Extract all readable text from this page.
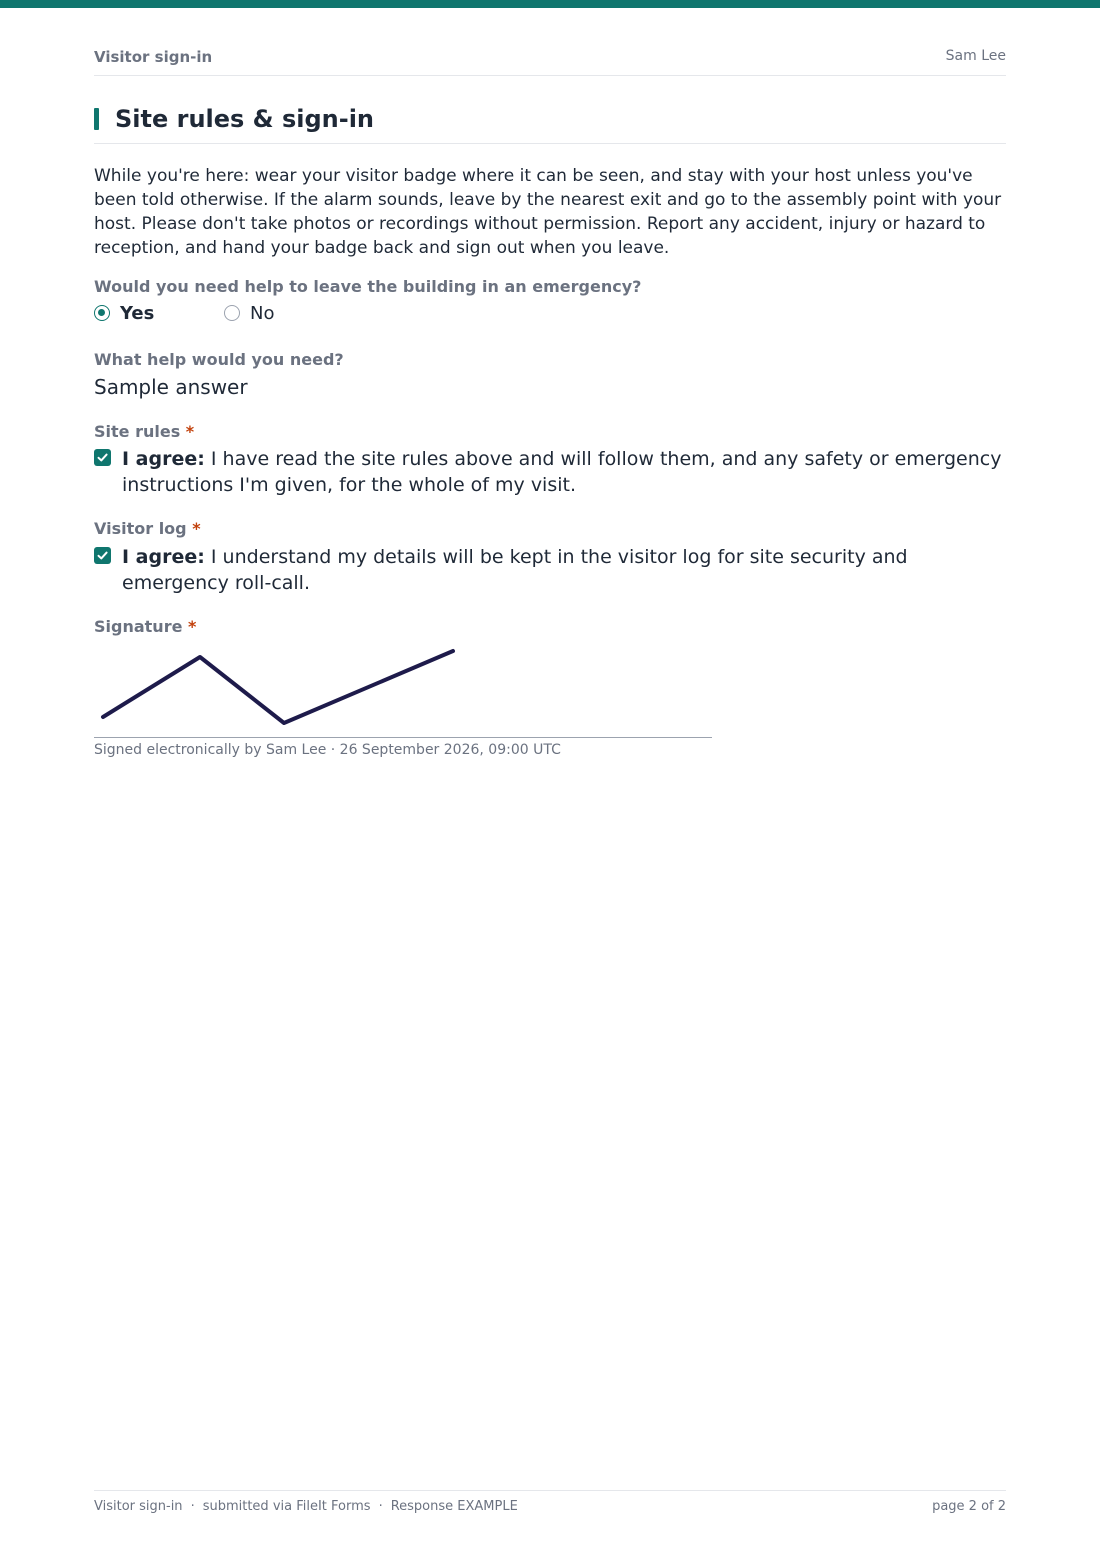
Visitor sign-in	Sam Lee
Site rules & sign-in

While you're here: wear your visitor badge where it can be seen, and stay with your host unless you've been told otherwise. If the alarm sounds, leave by the nearest exit and go to the assembly point with your host. Please don't take photos or recordings without permission. Report any accident, injury or hazard to reception, and hand your badge back and sign out when you leave.

Would you need help to leave the building in an emergency?
Yes	No
What help would you need?
Sample answer
Site rules *
I agree: I have read the site rules above and will follow them, and any safety or emergency instructions I'm given, for the whole of my visit.
Visitor log *
I agree: I understand my details will be kept in the visitor log for site security and emergency roll-call.
Signature *
Signed electronically by Sam Lee · 26 September 2026, 09:00 UTC
Visitor sign-in · submitted via FileIt Forms · Response EXAMPLE	page 2 of 2
